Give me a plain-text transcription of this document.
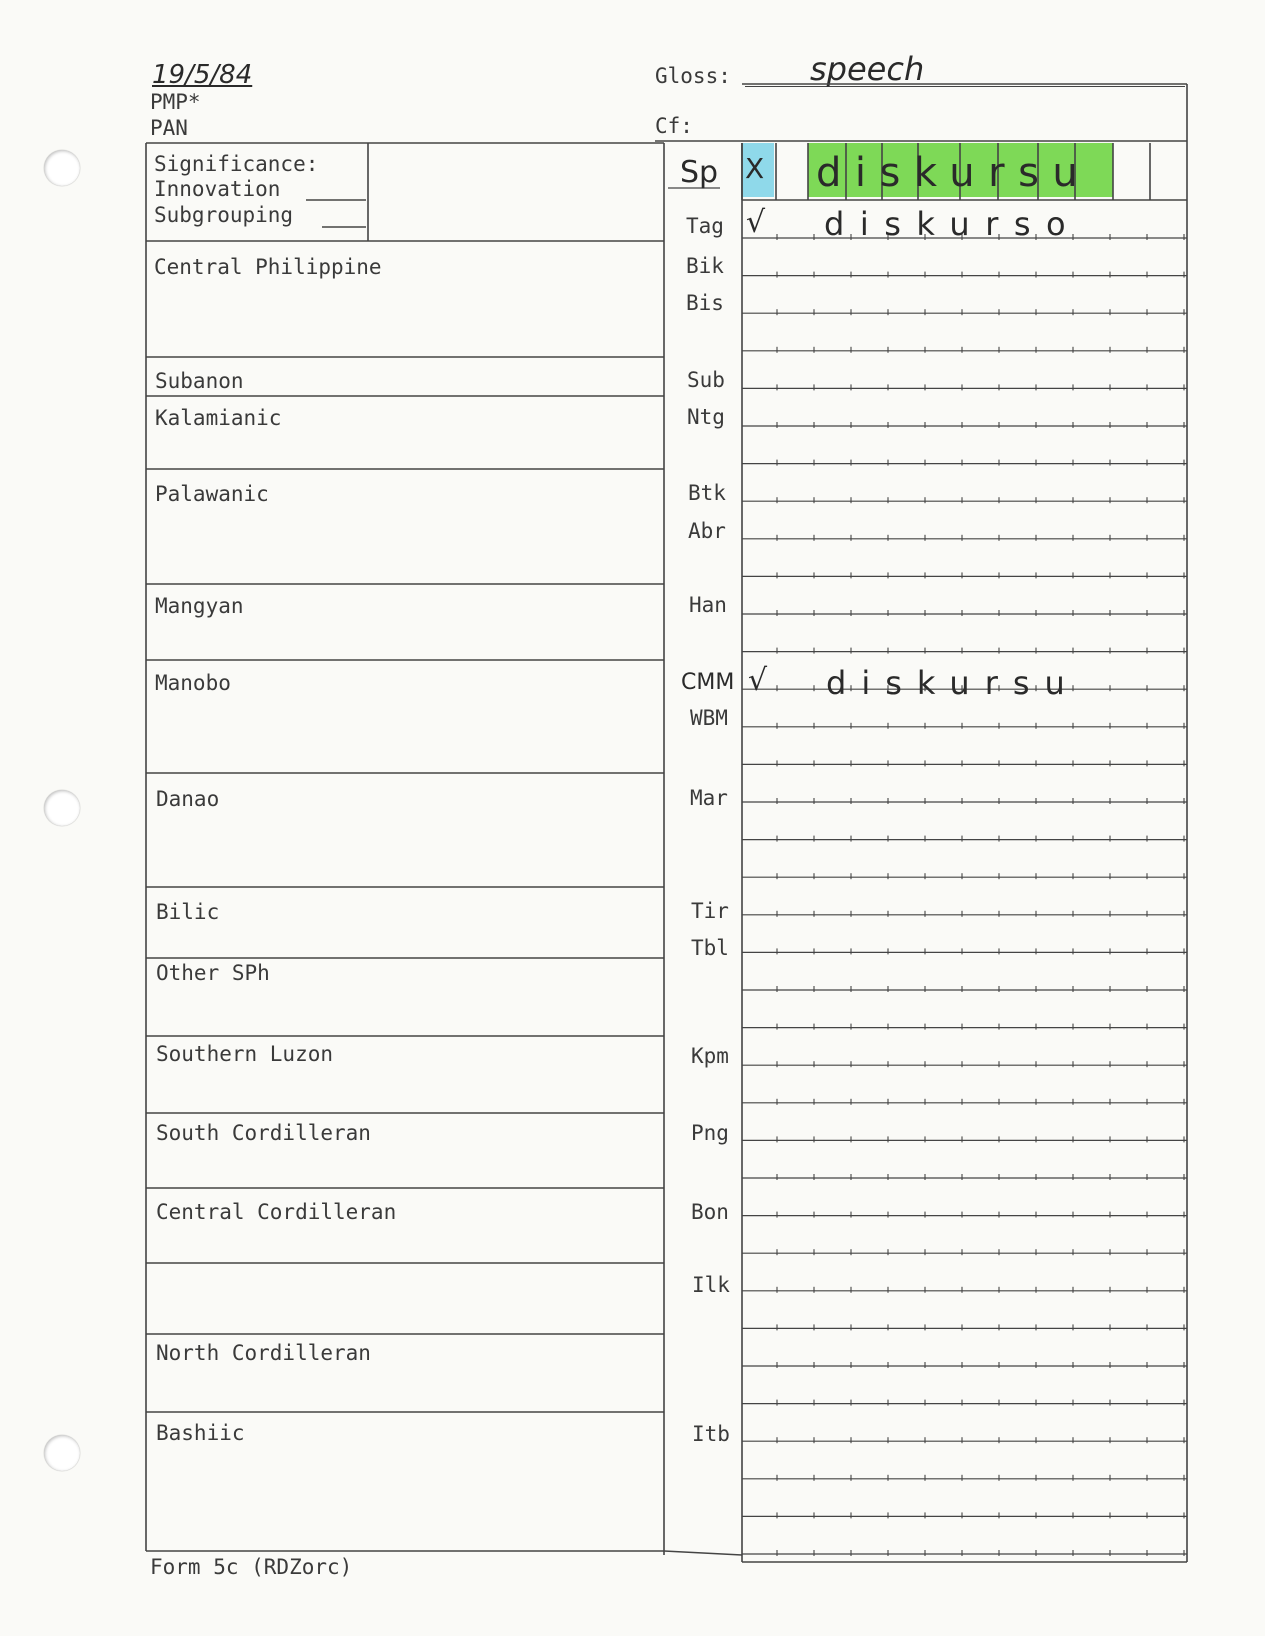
19/5/84
PMP*
PAN
Gloss: speech
Cf:
Significance:
Innovation
Subgrouping
Sp X diskursu
Tag √ diskurso
Central Philippine
Subanon
Kalamianic
Palawanic
Mangyan
Manobo
Danao
Bilic
Other SPh
Southern Luzon
South Cordilleran
Central Cordilleran
North Cordilleran
Bashiic
Bik
Bis
Sub
Ntg
Btk
Abr
Han
CMM
WBM
Mar
Tir
Tbl
Kpm
Png
Bon
Ilk
Itb
√ diskursu
Form 5c (RDZorc)
